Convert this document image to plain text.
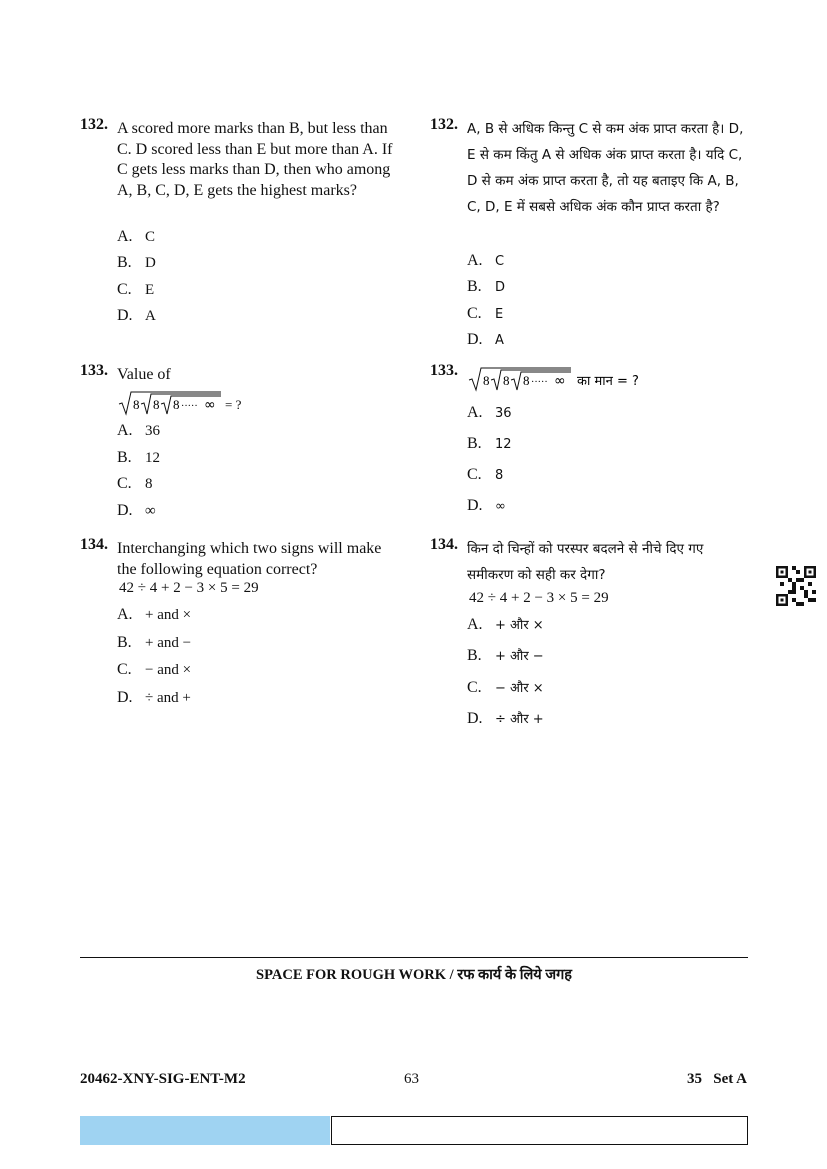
132. A scored more marks than B, but less than C. D scored less than E but more than A. If C gets less marks than D, then who among A, B, C, D, E gets the highest marks?
A. C
B. D
C. E
D. A
133. Value of
8 8 8 ····· ∞ = ?
A. 36
B. 12
C. 8
D. ∞
134. Interchanging which two signs will make the following equation correct?
42 ÷ 4 + 2 − 3 × 5 = 29
A. + and ×
B. + and −
C. − and ×
D. ÷ and +
132. A, B से अधिक किन्तु C से कम अंक प्राप्त करता है। D, E से कम किंतु A से अधिक अंक प्राप्त करता है। यदि C, D से कम अंक प्राप्त करता है, तो यह बताइए कि A, B, C, D, E में सबसे अधिक अंक कौन प्राप्त करता है?
A. C
B. D
C. E
D. A
133.
8 8 8 ····· ∞ का मान = ?
A. 36
B. 12
C. 8
D. ∞
134. किन दो चिन्हों को परस्पर बदलने से नीचे दिए गए समीकरण को सही कर देगा?
42 ÷ 4 + 2 − 3 × 5 = 29
A. + और ×
B. + और −
C. − और ×
D. ÷ और +
SPACE FOR ROUGH WORK / रफ कार्य के लिये जगह
20462-XNY-SIG-ENT-M2	63	35   Set A
